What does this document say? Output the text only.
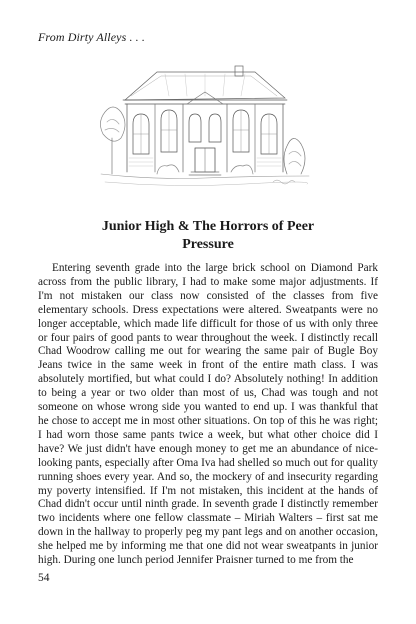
From Dirty Alleys . . .
Junior High & The Horrors of Peer
Pressure

Entering seventh grade into the large brick school on Diamond Park across from the public library, I had to make some major adjustments. If I'm not mistaken our class now consisted of the classes from five elementary schools. Dress expectations were altered. Sweatpants were no longer acceptable, which made life difficult for those of us with only three or four pairs of good pants to wear throughout the week. I distinctly recall Chad Woodrow calling me out for wearing the same pair of Bugle Boy Jeans twice in the same week in front of the entire math class. I was absolutely mortified, but what could I do? Absolutely nothing! In addition to being a year or two older than most of us, Chad was tough and not someone on whose wrong side you wanted to end up. I was thankful that he chose to accept me in most other situations. On top of this he was right; I had worn those same pants twice a week, but what other choice did I have? We just didn't have enough money to get me an abundance of nice-looking pants, especially after Oma Iva had shelled so much out for quality running shoes every year. And so, the mockery of and insecurity regarding my poverty intensified. If I'm not mistaken, this incident at the hands of Chad didn't occur until ninth grade. In seventh grade I distinctly remember two incidents where one fellow classmate – Miriah Walters – first sat me down in the hallway to properly peg my pant legs and on another occasion, she helped me by informing me that one did not wear sweatpants in junior high. During one lunch period Jennifer Praisner turned to me from the

54
